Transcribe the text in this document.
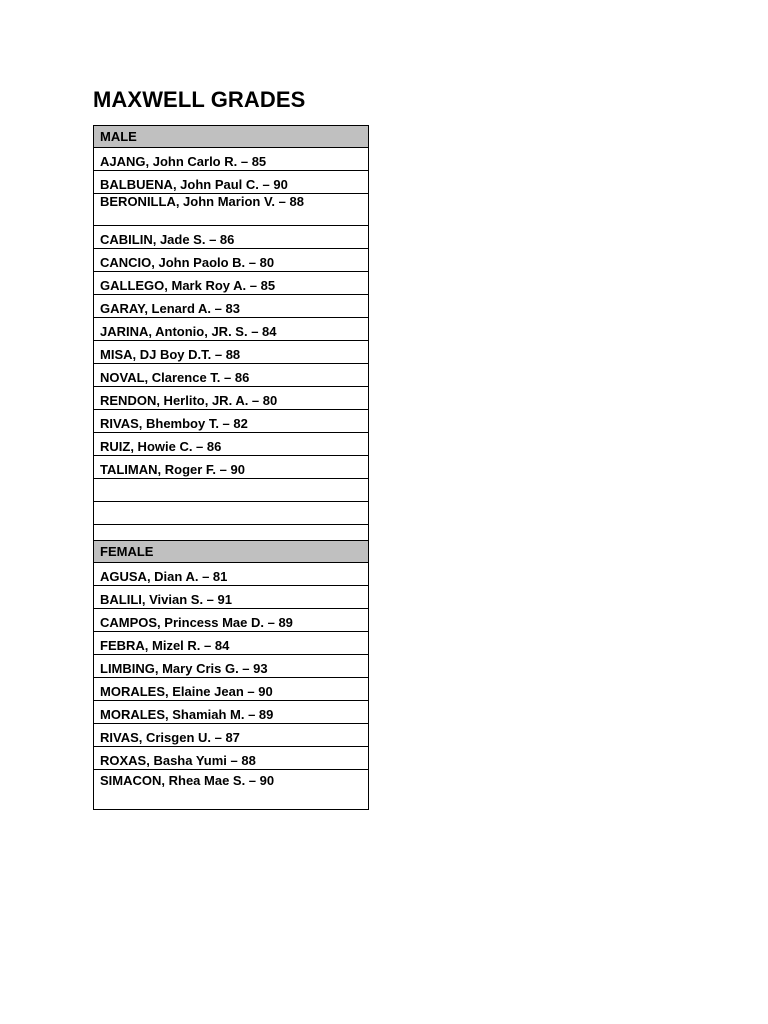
MAXWELL GRADES
MALE
AJANG, John Carlo R. – 85
BALBUENA, John Paul C. – 90
BERONILLA, John Marion V. – 88
CABILIN, Jade S. – 86
CANCIO, John Paolo B. – 80
GALLEGO, Mark Roy A. – 85
GARAY, Lenard A. – 83
JARINA, Antonio, JR. S. – 84
MISA, DJ Boy D.T. – 88
NOVAL, Clarence T. – 86
RENDON, Herlito, JR. A. – 80
RIVAS, Bhemboy T. – 82
RUIZ, Howie C. – 86
TALIMAN, Roger F. – 90

FEMALE
AGUSA, Dian A. – 81
BALILI, Vivian S. – 91
CAMPOS, Princess Mae D. – 89
FEBRA, Mizel R. – 84
LIMBING, Mary Cris G. – 93
MORALES, Elaine Jean – 90
MORALES, Shamiah M. – 89
RIVAS, Crisgen U. – 87
ROXAS, Basha Yumi – 88
SIMACON, Rhea Mae S. – 90
